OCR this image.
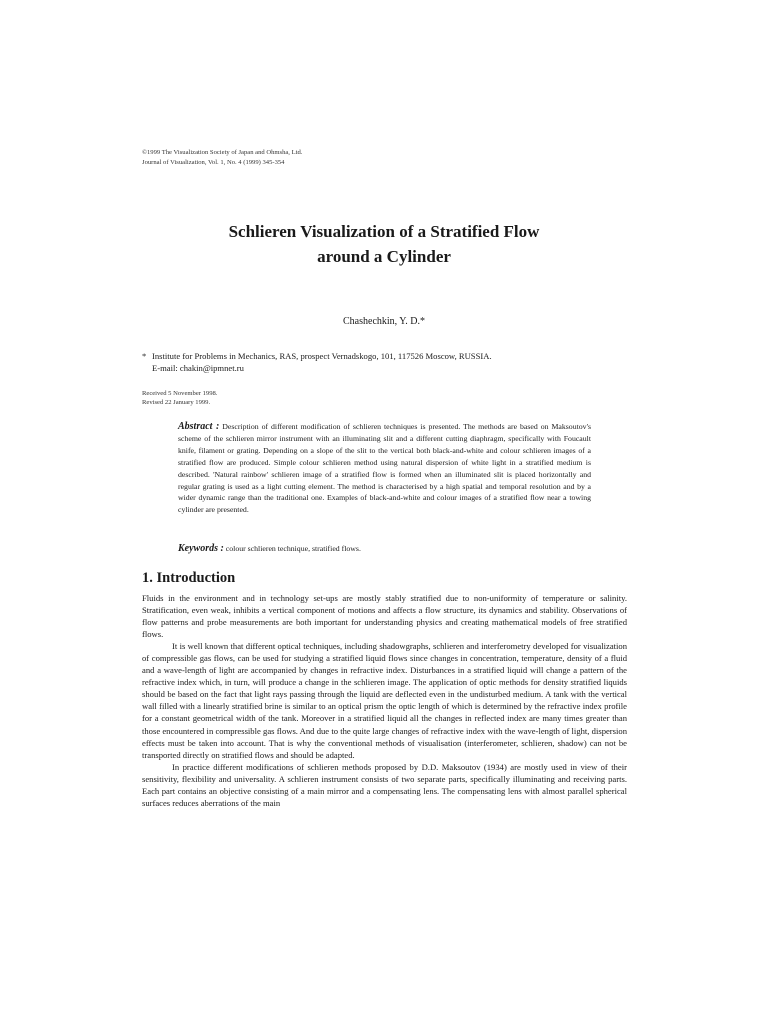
©1999 The Visualization Society of Japan and Ohmsha, Ltd.
Journal of Visualization, Vol. 1, No. 4 (1999) 345-354
Schlieren Visualization of a Stratified Flow
around a Cylinder
Chashechkin, Y. D.*
* Institute for Problems in Mechanics, RAS, prospect Vernadskogo, 101, 117526 Moscow, RUSSIA.
E-mail: chakin@ipmnet.ru
Received 5 November 1998.
Revised 22 January 1999.
Abstract : Description of different modification of schlieren techniques is presented. The methods are based on Maksoutov's scheme of the schlieren mirror instrument with an illuminating slit and a different cutting diaphragm, specifically with Foucault knife, filament or grating. Depending on a slope of the slit to the vertical both black-and-white and colour schlieren images of a stratified flow are produced. Simple colour schlieren method using natural dispersion of white light in a stratified medium is described. 'Natural rainbow' schlieren image of a stratified flow is formed when an illuminated slit is placed horizontally and regular grating is used as a light cutting element. The method is characterised by a high spatial and temporal resolution and by a wider dynamic range than the traditional one. Examples of black-and-white and colour images of a stratified flow near a towing cylinder are presented.
Keywords : colour schlieren technique, stratified flows.
1. Introduction

Fluids in the environment and in technology set-ups are mostly stably stratified due to non-uniformity of temperature or salinity. Stratification, even weak, inhibits a vertical component of motions and affects a flow structure, its dynamics and stability. Observations of flow patterns and probe measurements are both important for understanding physics and creating mathematical models of free stratified flows.

It is well known that different optical techniques, including shadowgraphs, schlieren and interferometry developed for visualization of compressible gas flows, can be used for studying a stratified liquid flows since changes in concentration, temperature, density of a fluid and a wave-length of light are accompanied by changes in refractive index. Disturbances in a stratified liquid will change a pattern of the refractive index which, in turn, will produce a change in the schlieren image. The application of optic methods for density stratified liquids should be based on the fact that light rays passing through the liquid are deflected even in the undisturbed medium. A tank with the vertical wall filled with a linearly stratified brine is similar to an optical prism the optic length of which is determined by the refractive index profile for a constant geometrical width of the tank. Moreover in a stratified liquid all the changes in reflected index are many times greater than those encountered in compressible gas flows. And due to the quite large changes of refractive index with the wave-length of light, dispersion effects must be taken into account. That is why the conventional methods of visualisation (interferometer, schlieren, shadow) can not be transported directly on stratified flows and should be adapted.

In practice different modifications of schlieren methods proposed by D.D. Maksoutov (1934) are mostly used in view of their sensitivity, flexibility and universality. A schlieren instrument consists of two separate parts, specifically illuminating and receiving parts. Each part contains an objective consisting of a main mirror and a compensating lens. The compensating lens with almost parallel spherical surfaces reduces aberrations of the main
